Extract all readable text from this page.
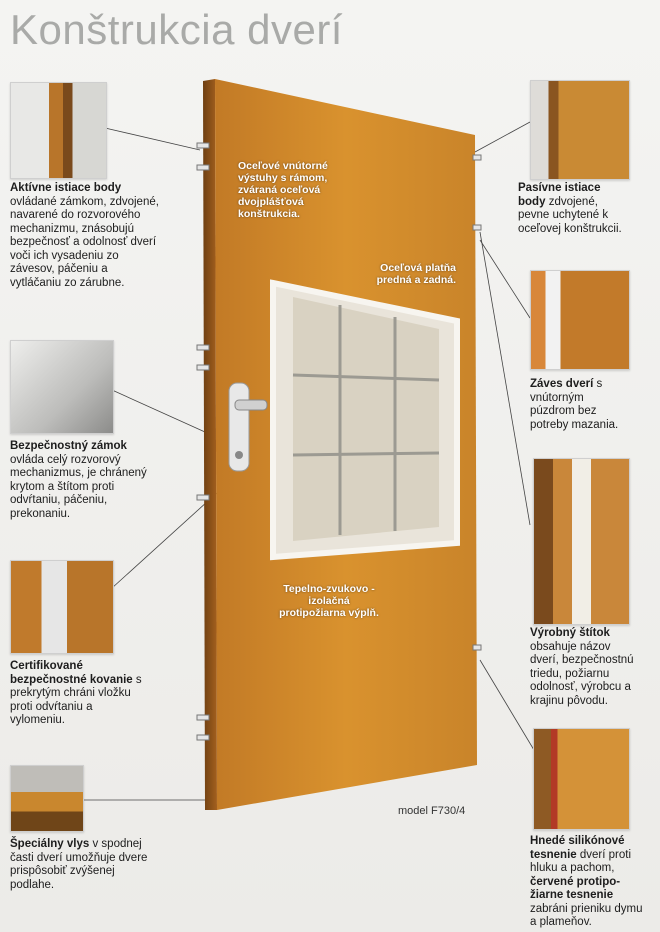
Konštrukcia dverí
Oceľové vnútorné výstuhy s rámom, zváraná oceľová dvojplášťová konštrukcia.
Oceľová platňa predná a zadná.
Tepelno-zvukovo -izolačná protipožiarna výplň.
Aktívne istiace body ovládané zámkom, zdvojené, navarené do rozvorového mechanizmu, znásobujú bezpečnosť a odolnosť dverí voči ich vysadeniu zo závesov, páčeniu a vytláčaniu zo zárubne.
Bezpečnostný zámok ovláda celý rozvorový mechanizmus, je chránený krytom a štítom proti odvŕtaniu, páčeniu, prekonaniu.
Certifikované bezpečnostné kovanie s prekrytým chráni vložku proti odvŕtaniu a vylomeniu.
Špeciálny vlys v spodnej časti dverí umožňuje dvere prispôsobiť zvýšenej podlahe.
Pasívne istiace body zdvojené, pevne uchytené k oceľovej konštrukcii.
Záves dverí s vnútorným púzdrom bez potreby mazania.
Výrobný štítok obsahuje názov dverí, bezpečnostnú triedu, požiarnu odolnosť, výrobcu a krajinu pôvodu.
Hnedé silikónové tesnenie dverí proti hluku a pachom, červené protipo-žiarne tesnenie zabráni prieniku dymu a plameňov.
model F730/4
